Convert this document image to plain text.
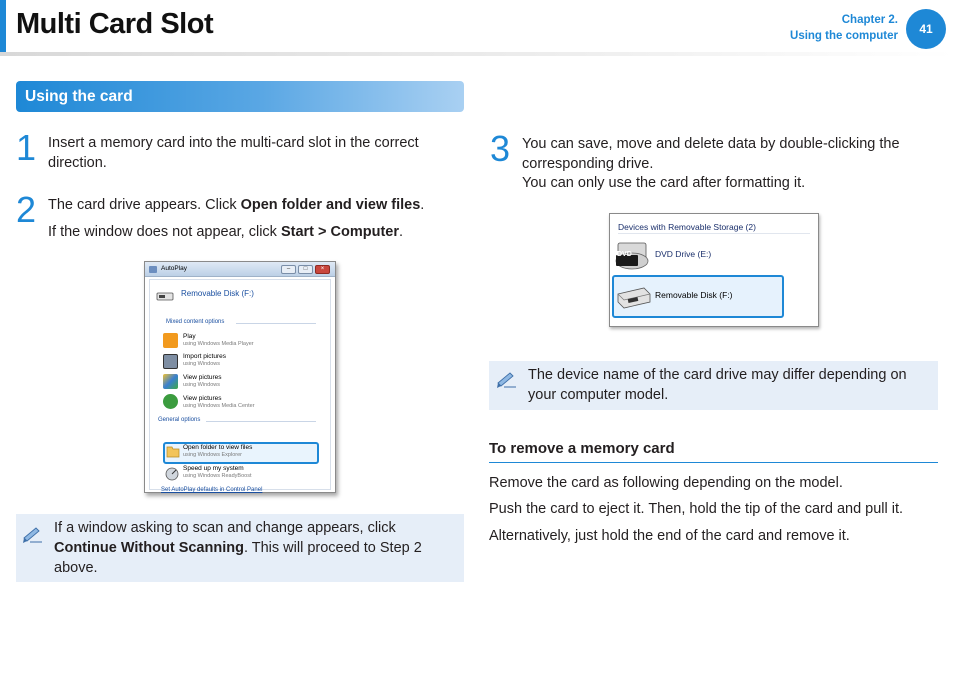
Multi Card Slot	Chapter 2.
Using the computer	41
Using the card
1 Insert a memory card into the multi-card slot in the correct direction.
2 The card drive appears. Click Open folder and view files.
If the window does not appear, click Start > Computer.
AutoPlay	–	□	×
Removable Disk (F:)
Mixed content options
Play
using Windows Media Player
Import pictures
using Windows
View pictures
using Windows
View pictures
using Windows Media Center
General options
Open folder to view files
using Windows Explorer
Speed up my system
using Windows ReadyBoost
Set AutoPlay defaults in Control Panel
If a window asking to scan and change appears, click Continue Without Scanning. This will proceed to Step 2 above.
3 You can save, move and delete data by double-clicking the corresponding drive.
You can only use the card after formatting it.
Devices with Removable Storage (2)
DVD	DVD Drive (E:)
Removable Disk (F:)
The device name of the card drive may differ depending on your computer model.
To remove a memory card
Remove the card as following depending on the model.
Push the card to eject it. Then, hold the tip of the card and pull it.
Alternatively, just hold the end of the card and remove it.
